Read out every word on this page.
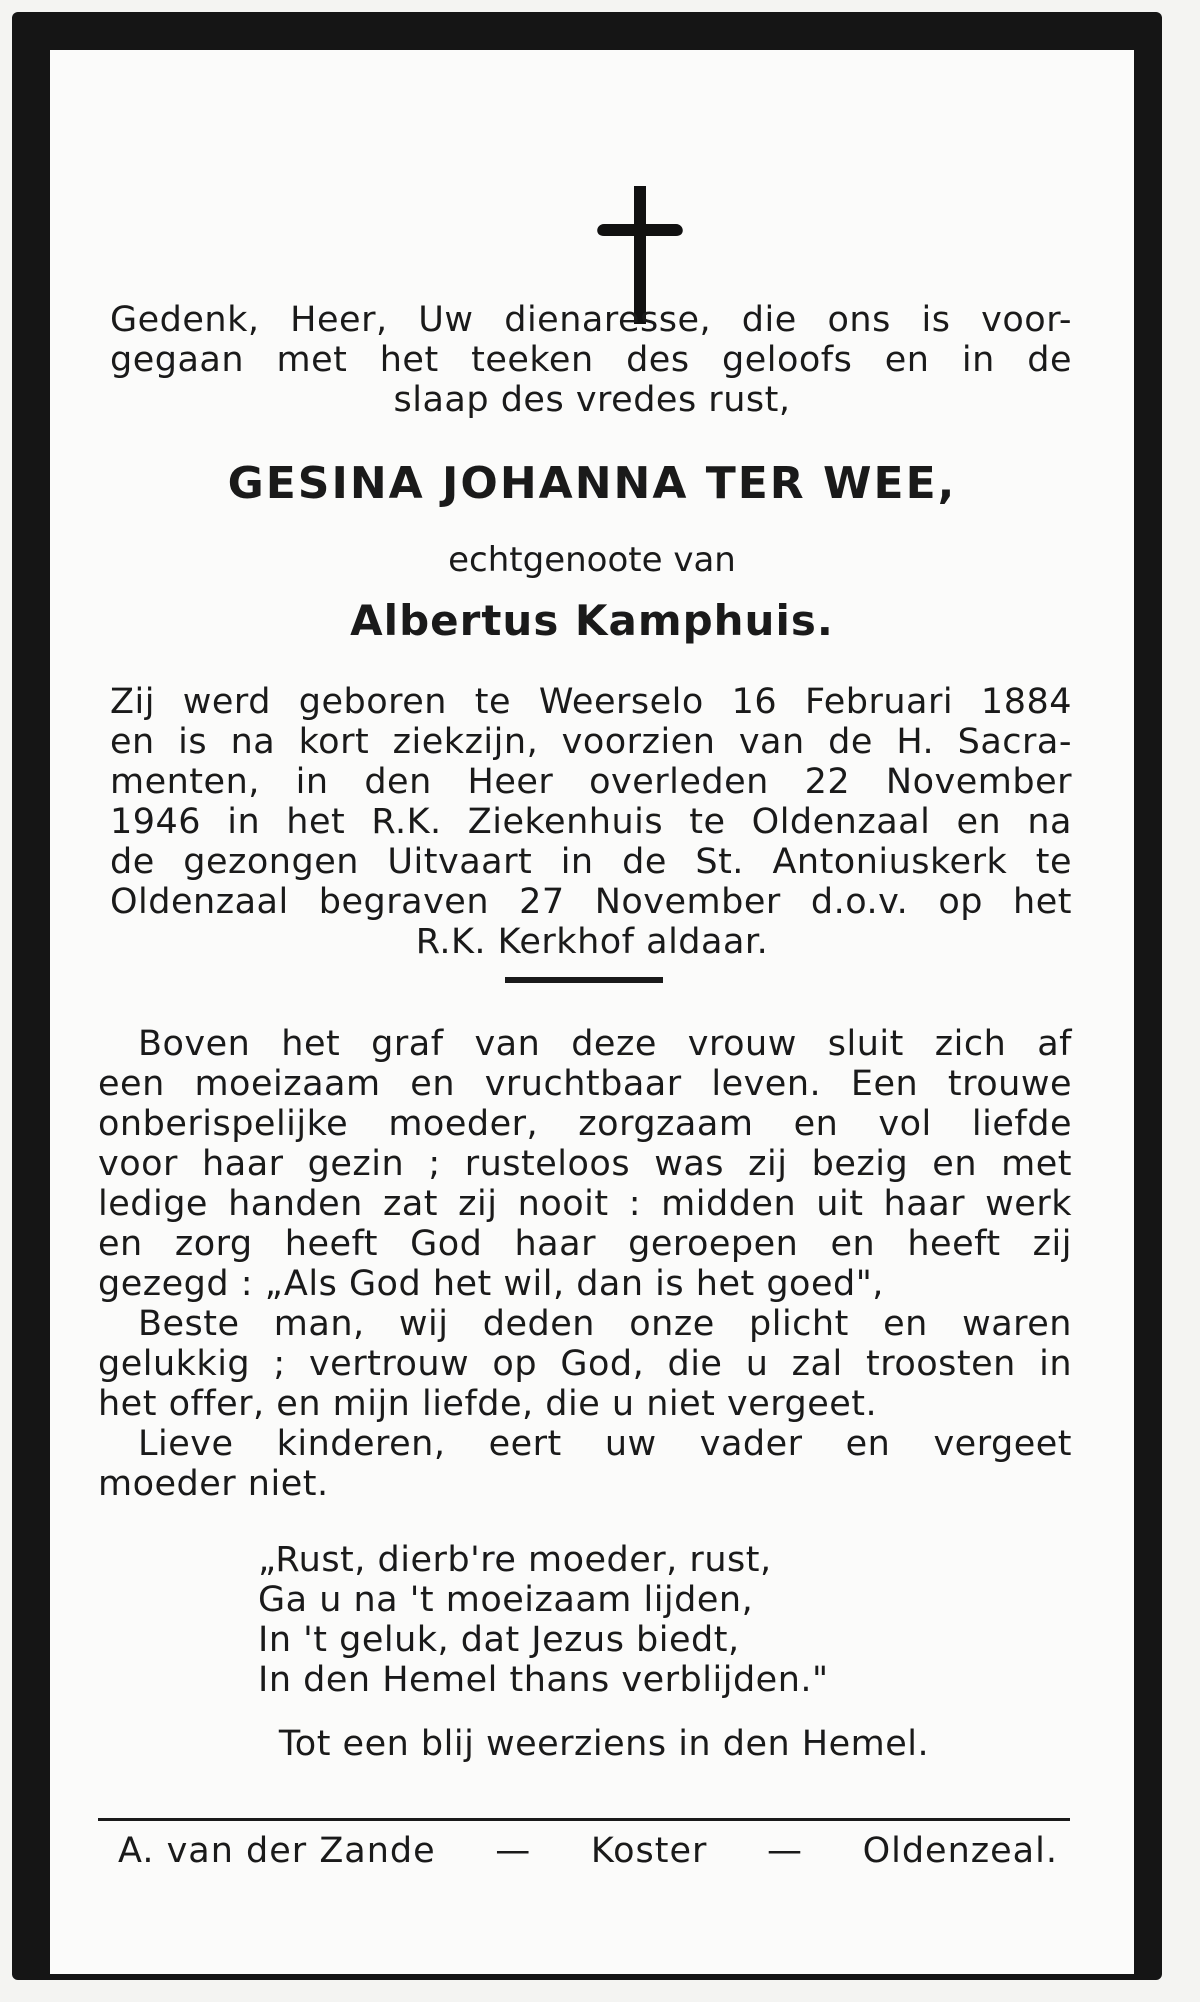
Gedenk, Heer, Uw dienaresse, die ons is voor-
gegaan met het teeken des geloofs en in de
slaap des vredes rust,
GESINA JOHANNA TER WEE,
echtgenoote van
Albertus Kamphuis.
Zij werd geboren te Weerselo 16 Februari 1884
en is na kort ziekzijn, voorzien van de H. Sacra-
menten, in den Heer overleden 22 November
1946 in het R.K. Ziekenhuis te Oldenzaal en na
de gezongen Uitvaart in de St. Antoniuskerk te
Oldenzaal begraven 27 November d.o.v. op het
R.K. Kerkhof aldaar.
Boven het graf van deze vrouw sluit zich af
een moeizaam en vruchtbaar leven. Een trouwe
onberispelijke moeder, zorgzaam en vol liefde
voor haar gezin ; rusteloos was zij bezig en met
ledige handen zat zij nooit : midden uit haar werk
en zorg heeft God haar geroepen en heeft zij
gezegd : „Als God het wil, dan is het goed",
Beste man, wij deden onze plicht en waren
gelukkig ; vertrouw op God, die u zal troosten in
het offer, en mijn liefde, die u niet vergeet.
Lieve kinderen, eert uw vader en vergeet
moeder niet.
„Rust, dierb're moeder, rust,
Ga u na 't moeizaam lijden,
In 't geluk, dat Jezus biedt,
In den Hemel thans verblijden."
Tot een blij weerziens in den Hemel.
A. van der Zande — Koster — Oldenzeal.
